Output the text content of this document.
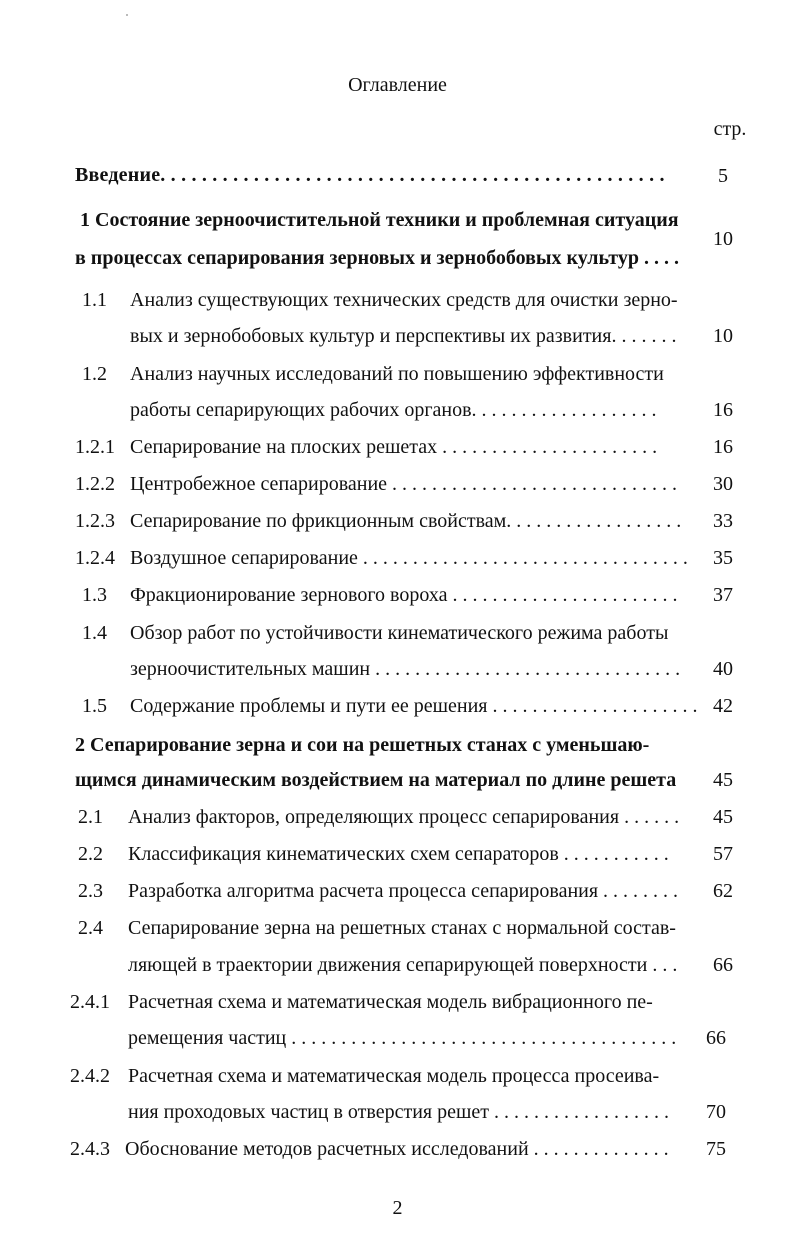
Оглавление
стр.
Введение. . . . . . . . . . . . . . . . . . . . . . . . . . . . . . . . . . . . . . . . . . . . . . . . .	5
1 Состояние зерноочистительной техники и проблемная ситуация
в процессах сепарирования зерновых и зернобобовых культур . . . .
10
1.1 Анализ существующих технических средств для очистки зерно-
вых и зернобобовых культур и перспективы их развития. . . . . . .	10
1.2 Анализ научных исследований по повышению эффективности
работы сепарирующих рабочих органов. . . . . . . . . . . . . . . . . . .	16
1.2.1 Сепарирование на плоских решетах . . . . . . . . . . . . . . . . . . . . . .	16
1.2.2 Центробежное сепарирование . . . . . . . . . . . . . . . . . . . . . . . . . . . . .	30
1.2.3 Сепарирование по фрикционным свойствам. . . . . . . . . . . . . . . . . .	33
1.2.4 Воздушное сепарирование . . . . . . . . . . . . . . . . . . . . . . . . . . . . . . . . .	35
1.3 Фракционирование зернового вороха . . . . . . . . . . . . . . . . . . . . . . .	37
1.4 Обзор работ по устойчивости кинематического режима работы
зерноочистительных машин . . . . . . . . . . . . . . . . . . . . . . . . . . . . . . .	40
1.5 Содержание проблемы и пути ее решения . . . . . . . . . . . . . . . . . . . . . 42
2 Сепарирование зерна и сои на решетных станах с уменьшаю-
щимся динамическим воздействием на материал по длине решета	45
2.1 Анализ факторов, определяющих процесс сепарирования . . . . . .	45
2.2 Классификация кинематических схем сепараторов . . . . . . . . . . .	57
2.3 Разработка алгоритма расчета процесса сепарирования . . . . . . . .	62
2.4 Сепарирование зерна на решетных станах с нормальной состав-
ляющей в траектории движения сепарирующей поверхности . . .	66
2.4.1 Расчетная схема и математическая модель вибрационного пе-
ремещения частиц . . . . . . . . . . . . . . . . . . . . . . . . . . . . . . . . . . . . . . .	66
2.4.2 Расчетная схема и математическая модель процесса просеива-
ния проходовых частиц в отверстия решет . . . . . . . . . . . . . . . . . .	70
2.4.3 Обоснование методов расчетных исследований . . . . . . . . . . . . . .	75
2
